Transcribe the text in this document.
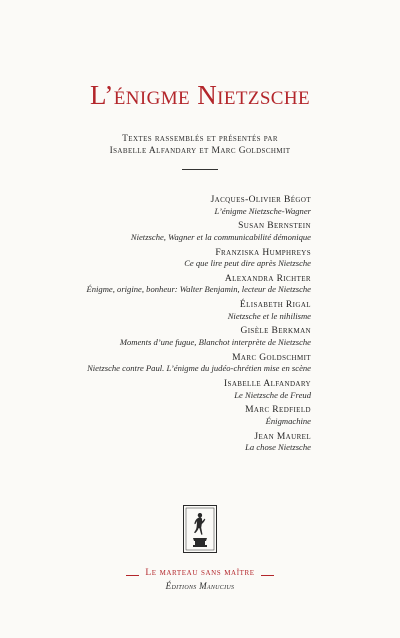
L’énigme Nietzsche
Textes rassemblés et présentés par
Isabelle Alfandary et Marc Goldschmit
Jacques-Olivier Bégot
L’énigme Nietzsche-Wagner
Susan Bernstein
Nietzsche, Wagner et la communicabilité démonique
Franziska Humphreys
Ce que lire peut dire après Nietzsche
Alexandra Richter
Énigme, origine, bonheur: Walter Benjamin, lecteur de Nietzsche
Élisabeth Rigal
Nietzsche et le nihilisme
Gisèle Berkman
Moments d’une fugue, Blanchot interprète de Nietzsche
Marc Goldschmit
Nietzsche contre Paul. L’énigme du judéo-chrétien mise en scène
Isabelle Alfandary
Le Nietzsche de Freud
Marc Redfield
Énigmachine
Jean Maurel
La chose Nietzsche
Le marteau sans maître
Éditions Manucius
